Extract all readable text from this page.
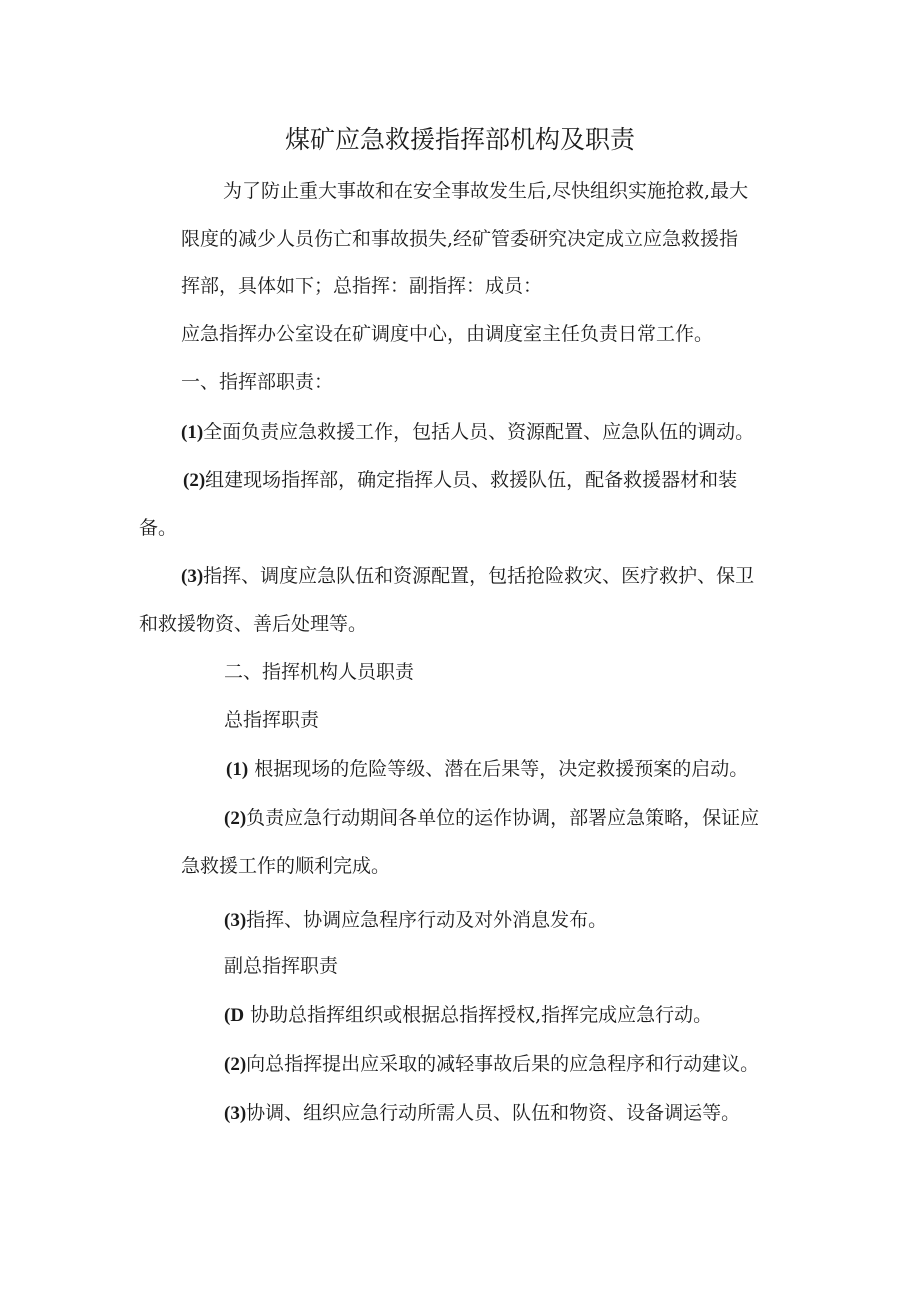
煤矿应急救援指挥部机构及职责
为了防止重大事故和在安全事故发生后,尽快组织实施抢救,最大
限度的减少人员伤亡和事故损失,经矿管委研究决定成立应急救援指
挥部，具体如下；总指挥：副指挥：成员：
应急指挥办公室设在矿调度中心，由调度室主任负责日常工作。
一、指挥部职责：
(1)全面负责应急救援工作，包括人员、资源配置、应急队伍的调动。
(2)组建现场指挥部，确定指挥人员、救援队伍，配备救援器材和装
备。
(3)指挥、调度应急队伍和资源配置，包括抢险救灾、医疗救护、保卫
和救援物资、善后处理等。
二、指挥机构人员职责
总指挥职责
(1) 根据现场的危险等级、潜在后果等，决定救援预案的启动。
(2)负责应急行动期间各单位的运作协调，部署应急策略，保证应
急救援工作的顺利完成。
(3)指挥、协调应急程序行动及对外消息发布。
副总指挥职责
(D 协助总指挥组织或根据总指挥授权,指挥完成应急行动。
(2)向总指挥提出应采取的减轻事故后果的应急程序和行动建议。
(3)协调、组织应急行动所需人员、队伍和物资、设备调运等。
